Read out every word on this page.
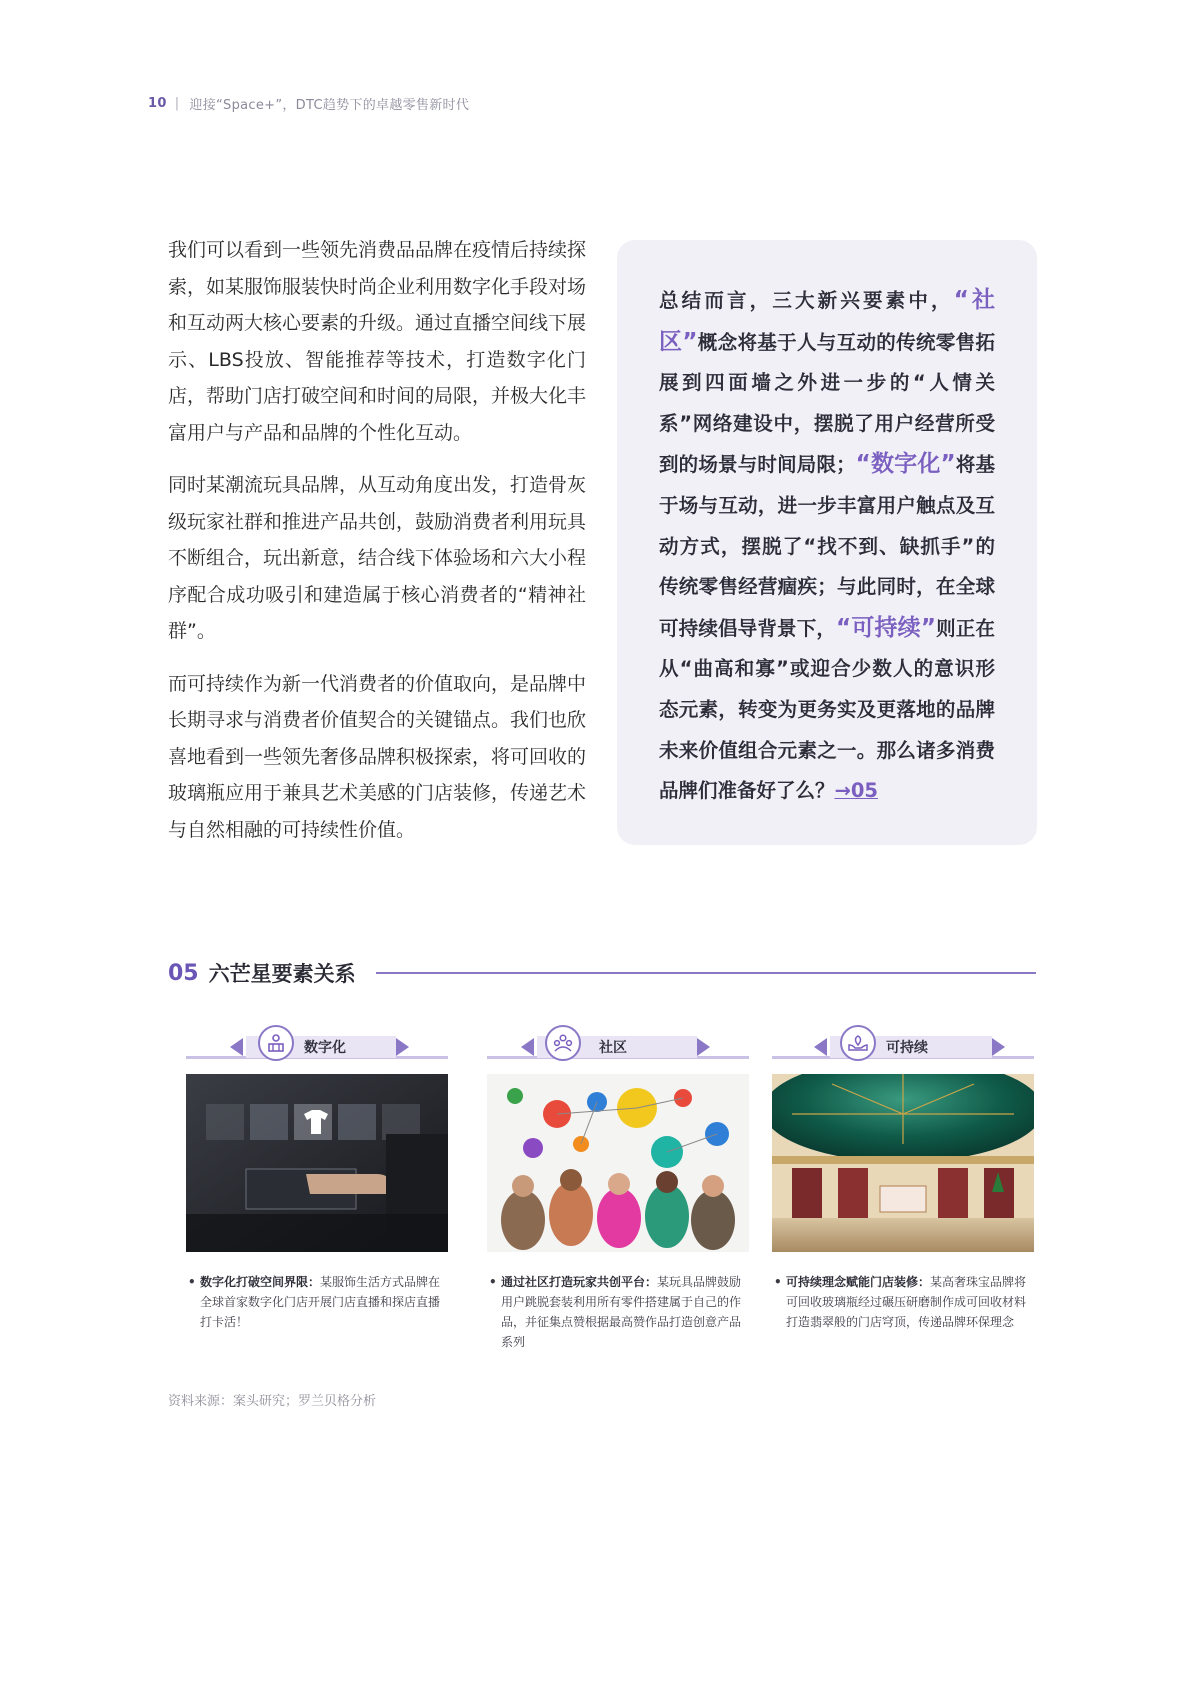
10 | 迎接“Space+”，DTC趋势下的卓越零售新时代

我们可以看到一些领先消费品品牌在疫情后持续探索，如某服饰服装快时尚企业利用数字化手段对场和互动两大核心要素的升级。通过直播空间线下展示、LBS投放、智能推荐等技术，打造数字化门店，帮助门店打破空间和时间的局限，并极大化丰富用户与产品和品牌的个性化互动。

同时某潮流玩具品牌，从互动角度出发，打造骨灰级玩家社群和推进产品共创，鼓励消费者利用玩具不断组合，玩出新意，结合线下体验场和六大小程序配合成功吸引和建造属于核心消费者的“精神社群”。

而可持续作为新一代消费者的价值取向，是品牌中长期寻求与消费者价值契合的关键锚点。我们也欣喜地看到一些领先奢侈品牌积极探索，将可回收的玻璃瓶应用于兼具艺术美感的门店装修，传递艺术与自然相融的可持续性价值。

总结而言，三大新兴要素中，“社区”概念将基于人与互动的传统零售拓展到四面墙之外进一步的“人情关系”网络建设中，摆脱了用户经营所受到的场景与时间局限；“数字化”将基于场与互动，进一步丰富用户触点及互动方式，摆脱了“找不到、缺抓手”的传统零售经营痼疾；与此同时，在全球可持续倡导背景下，“可持续”则正在从“曲高和寡”或迎合少数人的意识形态元素，转变为更务实及更落地的品牌未来价值组合元素之一。那么诸多消费品牌们准备好了么？→05
05 六芒星要素关系
数字化
• 数字化打破空间界限：某服饰生活方式品牌在全球首家数字化门店开展门店直播和探店直播打卡活！
社区
• 通过社区打造玩家共创平台：某玩具品牌鼓励用户跳脱套装利用所有零件搭建属于自己的作品，并征集点赞根据最高赞作品打造创意产品系列
可持续
• 可持续理念赋能门店装修：某高奢珠宝品牌将可回收玻璃瓶经过碾压研磨制作成可回收材料打造翡翠般的门店穹顶，传递品牌环保理念
资料来源：案头研究；罗兰贝格分析
